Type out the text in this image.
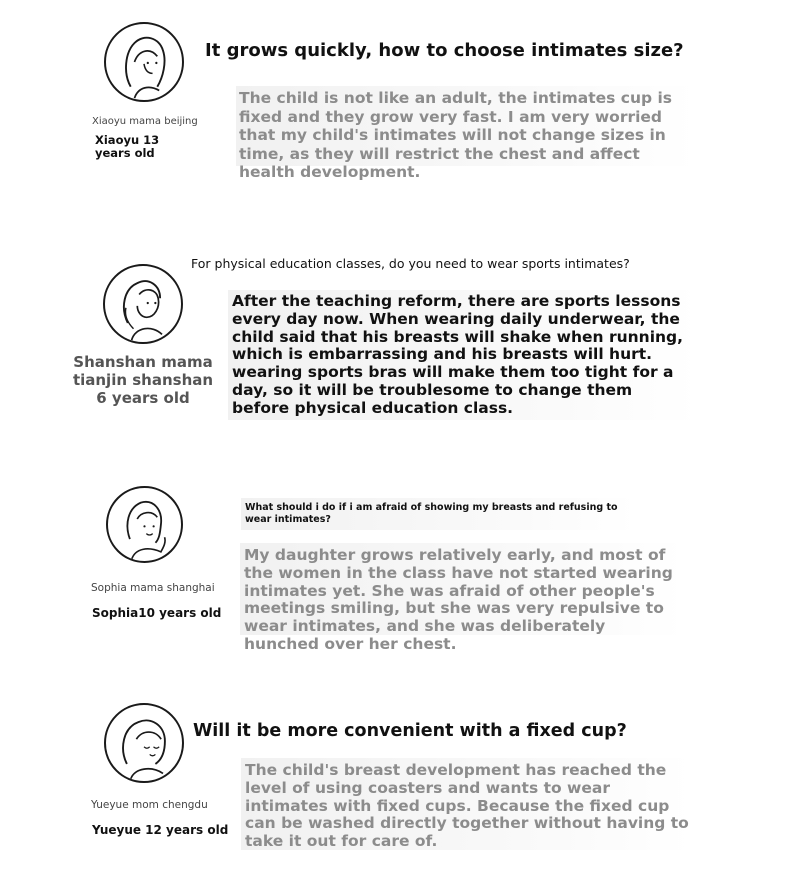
It grows quickly, how to choose intimates size?
The child is not like an adult, the intimates cup is fixed and they grow very fast. I am very worried that my child's intimates will not change sizes in time, as they will restrict the chest and affect health development.
Xiaoyu mama beijing
Xiaoyu 13 years old
For physical education classes, do you need to wear sports intimates?
After the teaching reform, there are sports lessons every day now. When wearing daily underwear, the child said that his breasts will shake when running, which is embarrassing and his breasts will hurt. wearing sports bras will make them too tight for a day, so it will be troublesome to change them before physical education class.
Shanshan mama tianjin shanshan
6 years old
What should i do if i am afraid of showing my breasts and refusing to wear intimates?
My daughter grows relatively early, and most of the women in the class have not started wearing intimates yet. She was afraid of other people's meetings smiling, but she was very repulsive to wear intimates, and she was deliberately hunched over her chest.
Sophia mama shanghai
Sophia10 years old
Will it be more convenient with a fixed cup?
The child's breast development has reached the level of using coasters and wants to wear intimates with fixed cups. Because the fixed cup can be washed directly together without having to take it out for care of.
Yueyue mom chengdu
Yueyue 12 years old
